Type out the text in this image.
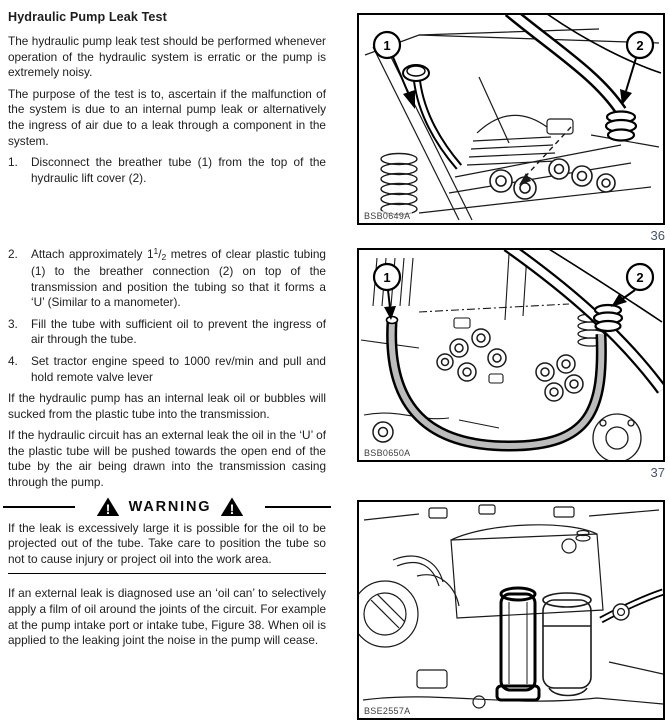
Hydraulic Pump Leak Test

The hydraulic pump leak test should be performed whenever operation of the hydraulic system is erratic or the pump is extremely noisy.

The purpose of the test is to, ascertain if the malfunction of the system is due to an internal pump leak or alternatively the ingress of air due to a leak through a component in the system.

1.	Disconnect the breather tube (1) from the top of the hydraulic lift cover (2).
2.	Attach approximately $1^1/2$ metres of clear plastic tubing (1) to the breather connection (2) on top of the transmission and position the tubing so that it forms a ‘U’ (Similar to a manometer).
3.	Fill the tube with sufficient oil to prevent the ingress of air through the tube.
4.	Set tractor engine speed to 1000 rev/min and pull and hold remote valve lever

If the hydraulic pump has an internal leak oil or bubbles will sucked from the plastic tube into the transmission.

If the hydraulic circuit has an external leak the oil in the ‘U’ of the plastic tube will be pushed towards the open end of the tube by the air being drawn into the transmission casing through the pump.

! WARNING !

If the leak is excessively large it is possible for the oil to be projected out of the tube. Take care to position the tube so not to cause injury or project oil into the work area.

If an external leak is diagnosed use an ‘oil can’ to selectively apply a film of oil around the joints of the circuit. For example at the pump intake port or intake tube, Figure 38. When oil is applied to the leaking joint the noise in the pump will cease.

1	2
BSB0649A
36
1	2
BSB0650A
37
BSE2557A
